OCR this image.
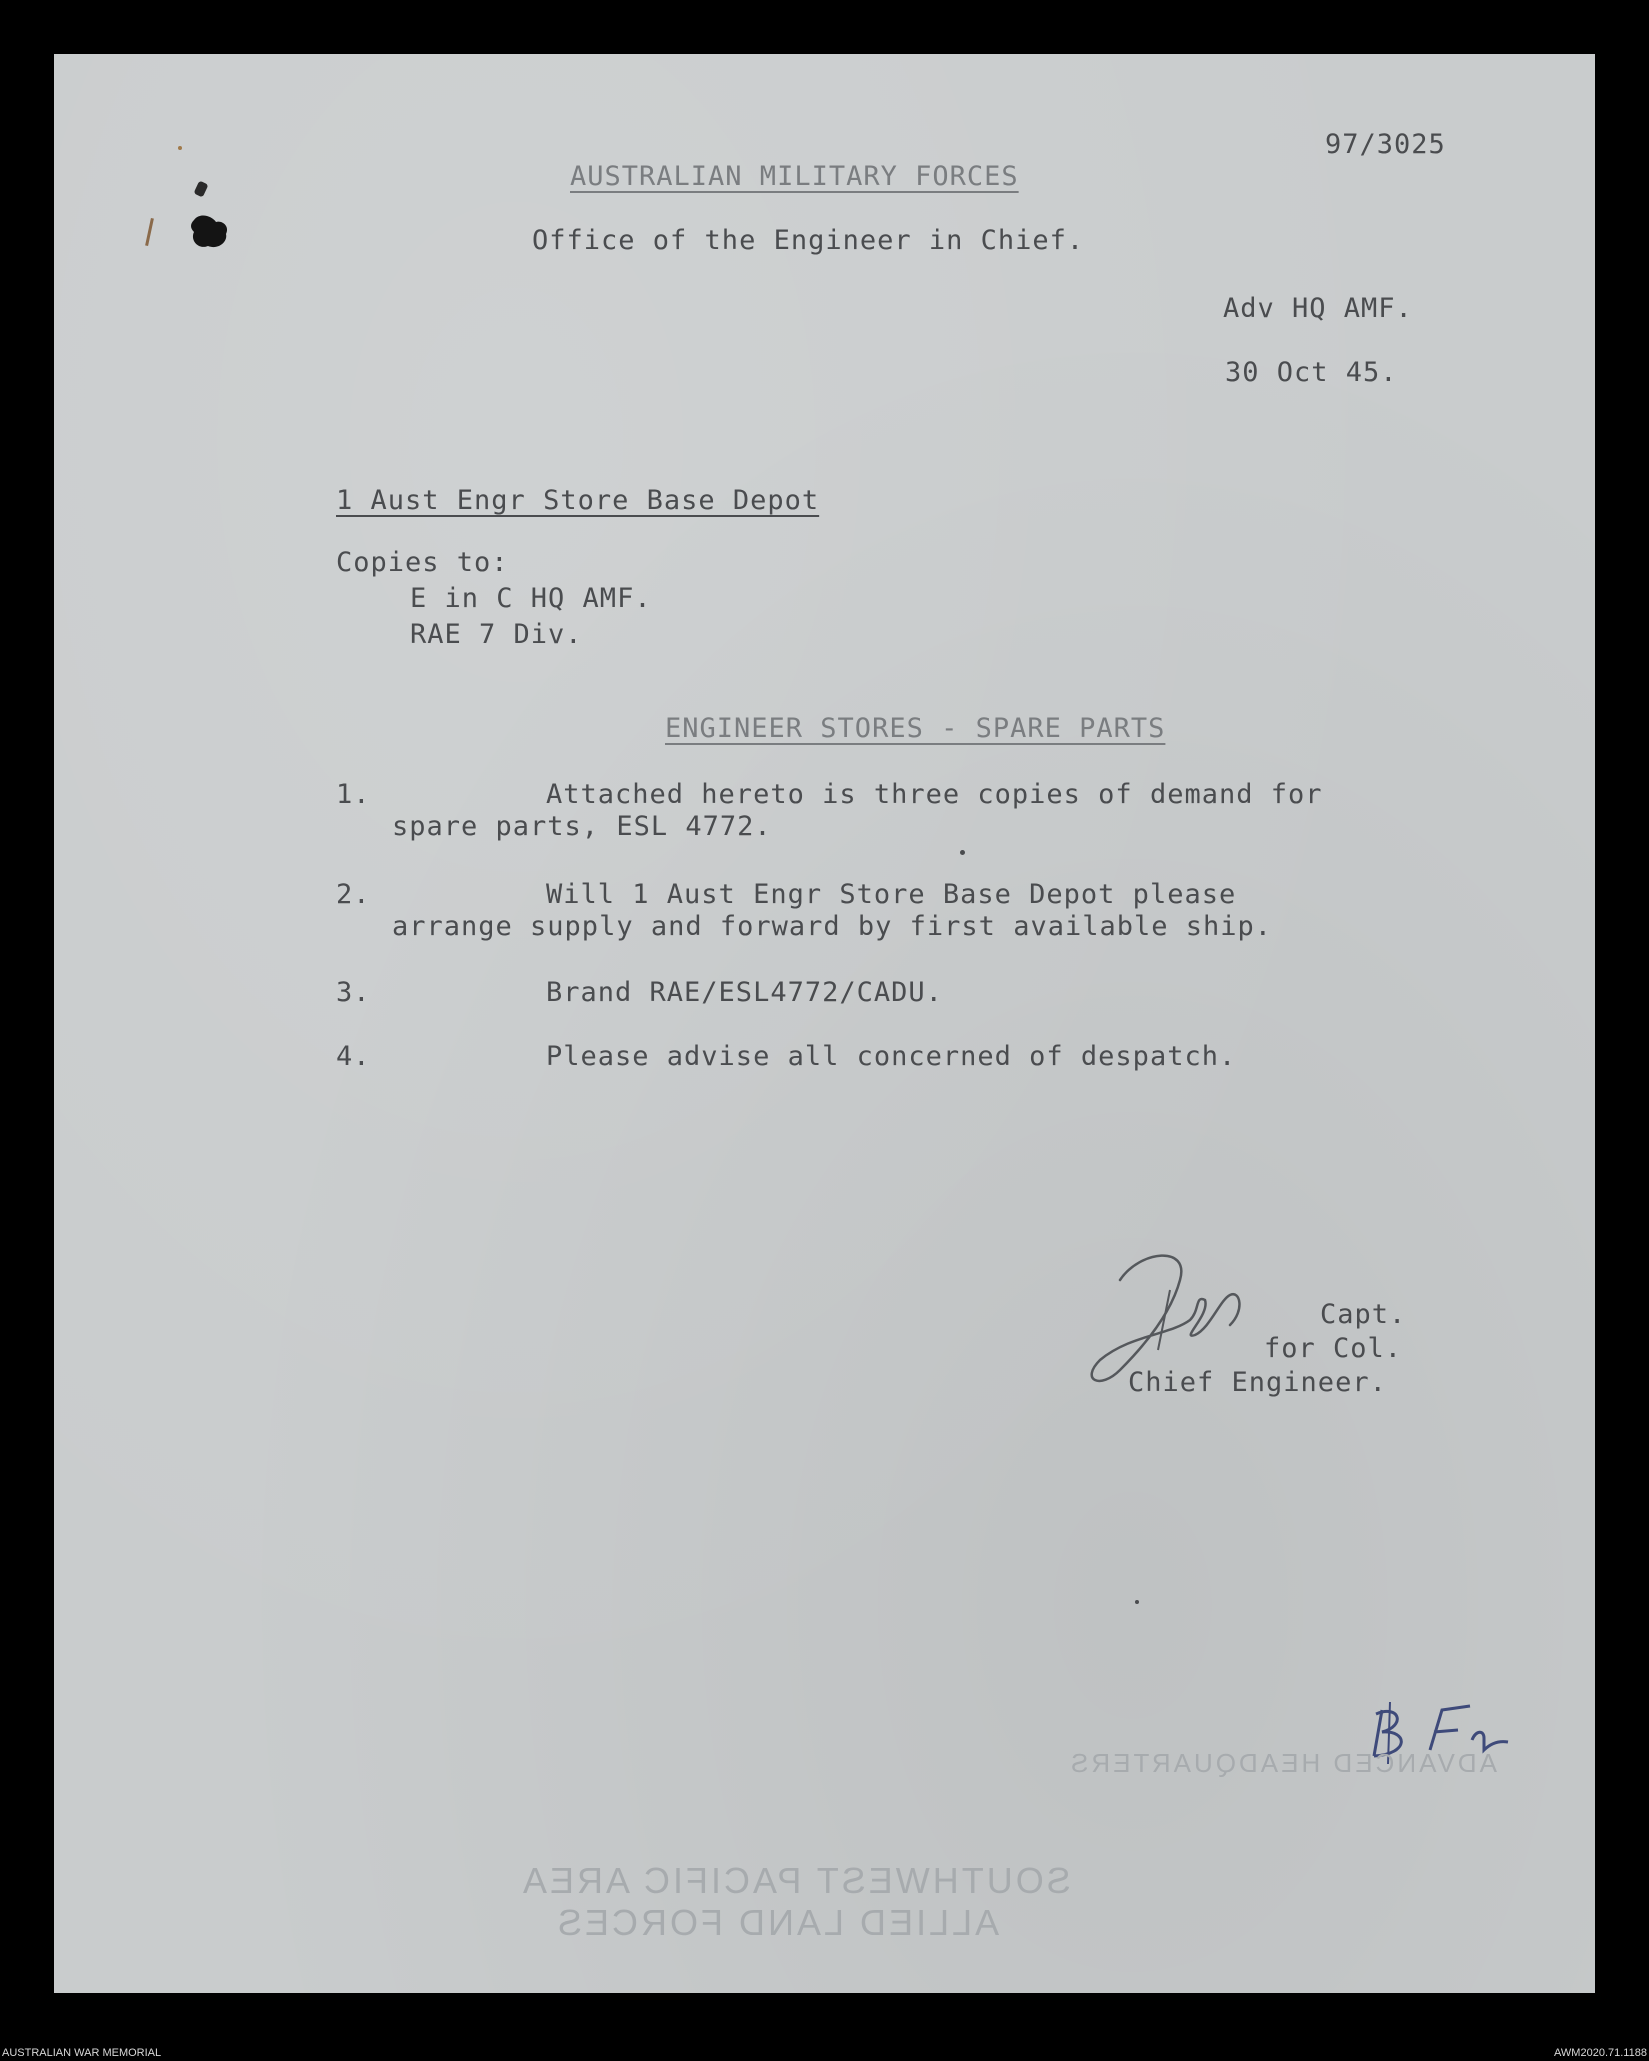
97/3025
AUSTRALIAN MILITARY FORCES
Office of the Engineer in Chief.
Adv HQ AMF.
30 Oct 45.
1 Aust Engr Store Base Depot
Copies to:
E in C HQ AMF.
RAE 7 Div.
ENGINEER STORES - SPARE PARTS
1.	Attached hereto is three copies of demand for
spare parts, ESL 4772.
2.	Will 1 Aust Engr Store Base Depot please
arrange supply and forward by first available ship.
3.	Brand RAE/ESL4772/CADU.
4.	Please advise all concerned of despatch.
Capt.
for Col.
Chief Engineer.
ADVANCED HEADQUARTERS
SOUTHWEST PACIFIC AREA
ALLIED LAND FORCES
AUSTRALIAN WAR MEMORIAL	AWM2020.71.1188
